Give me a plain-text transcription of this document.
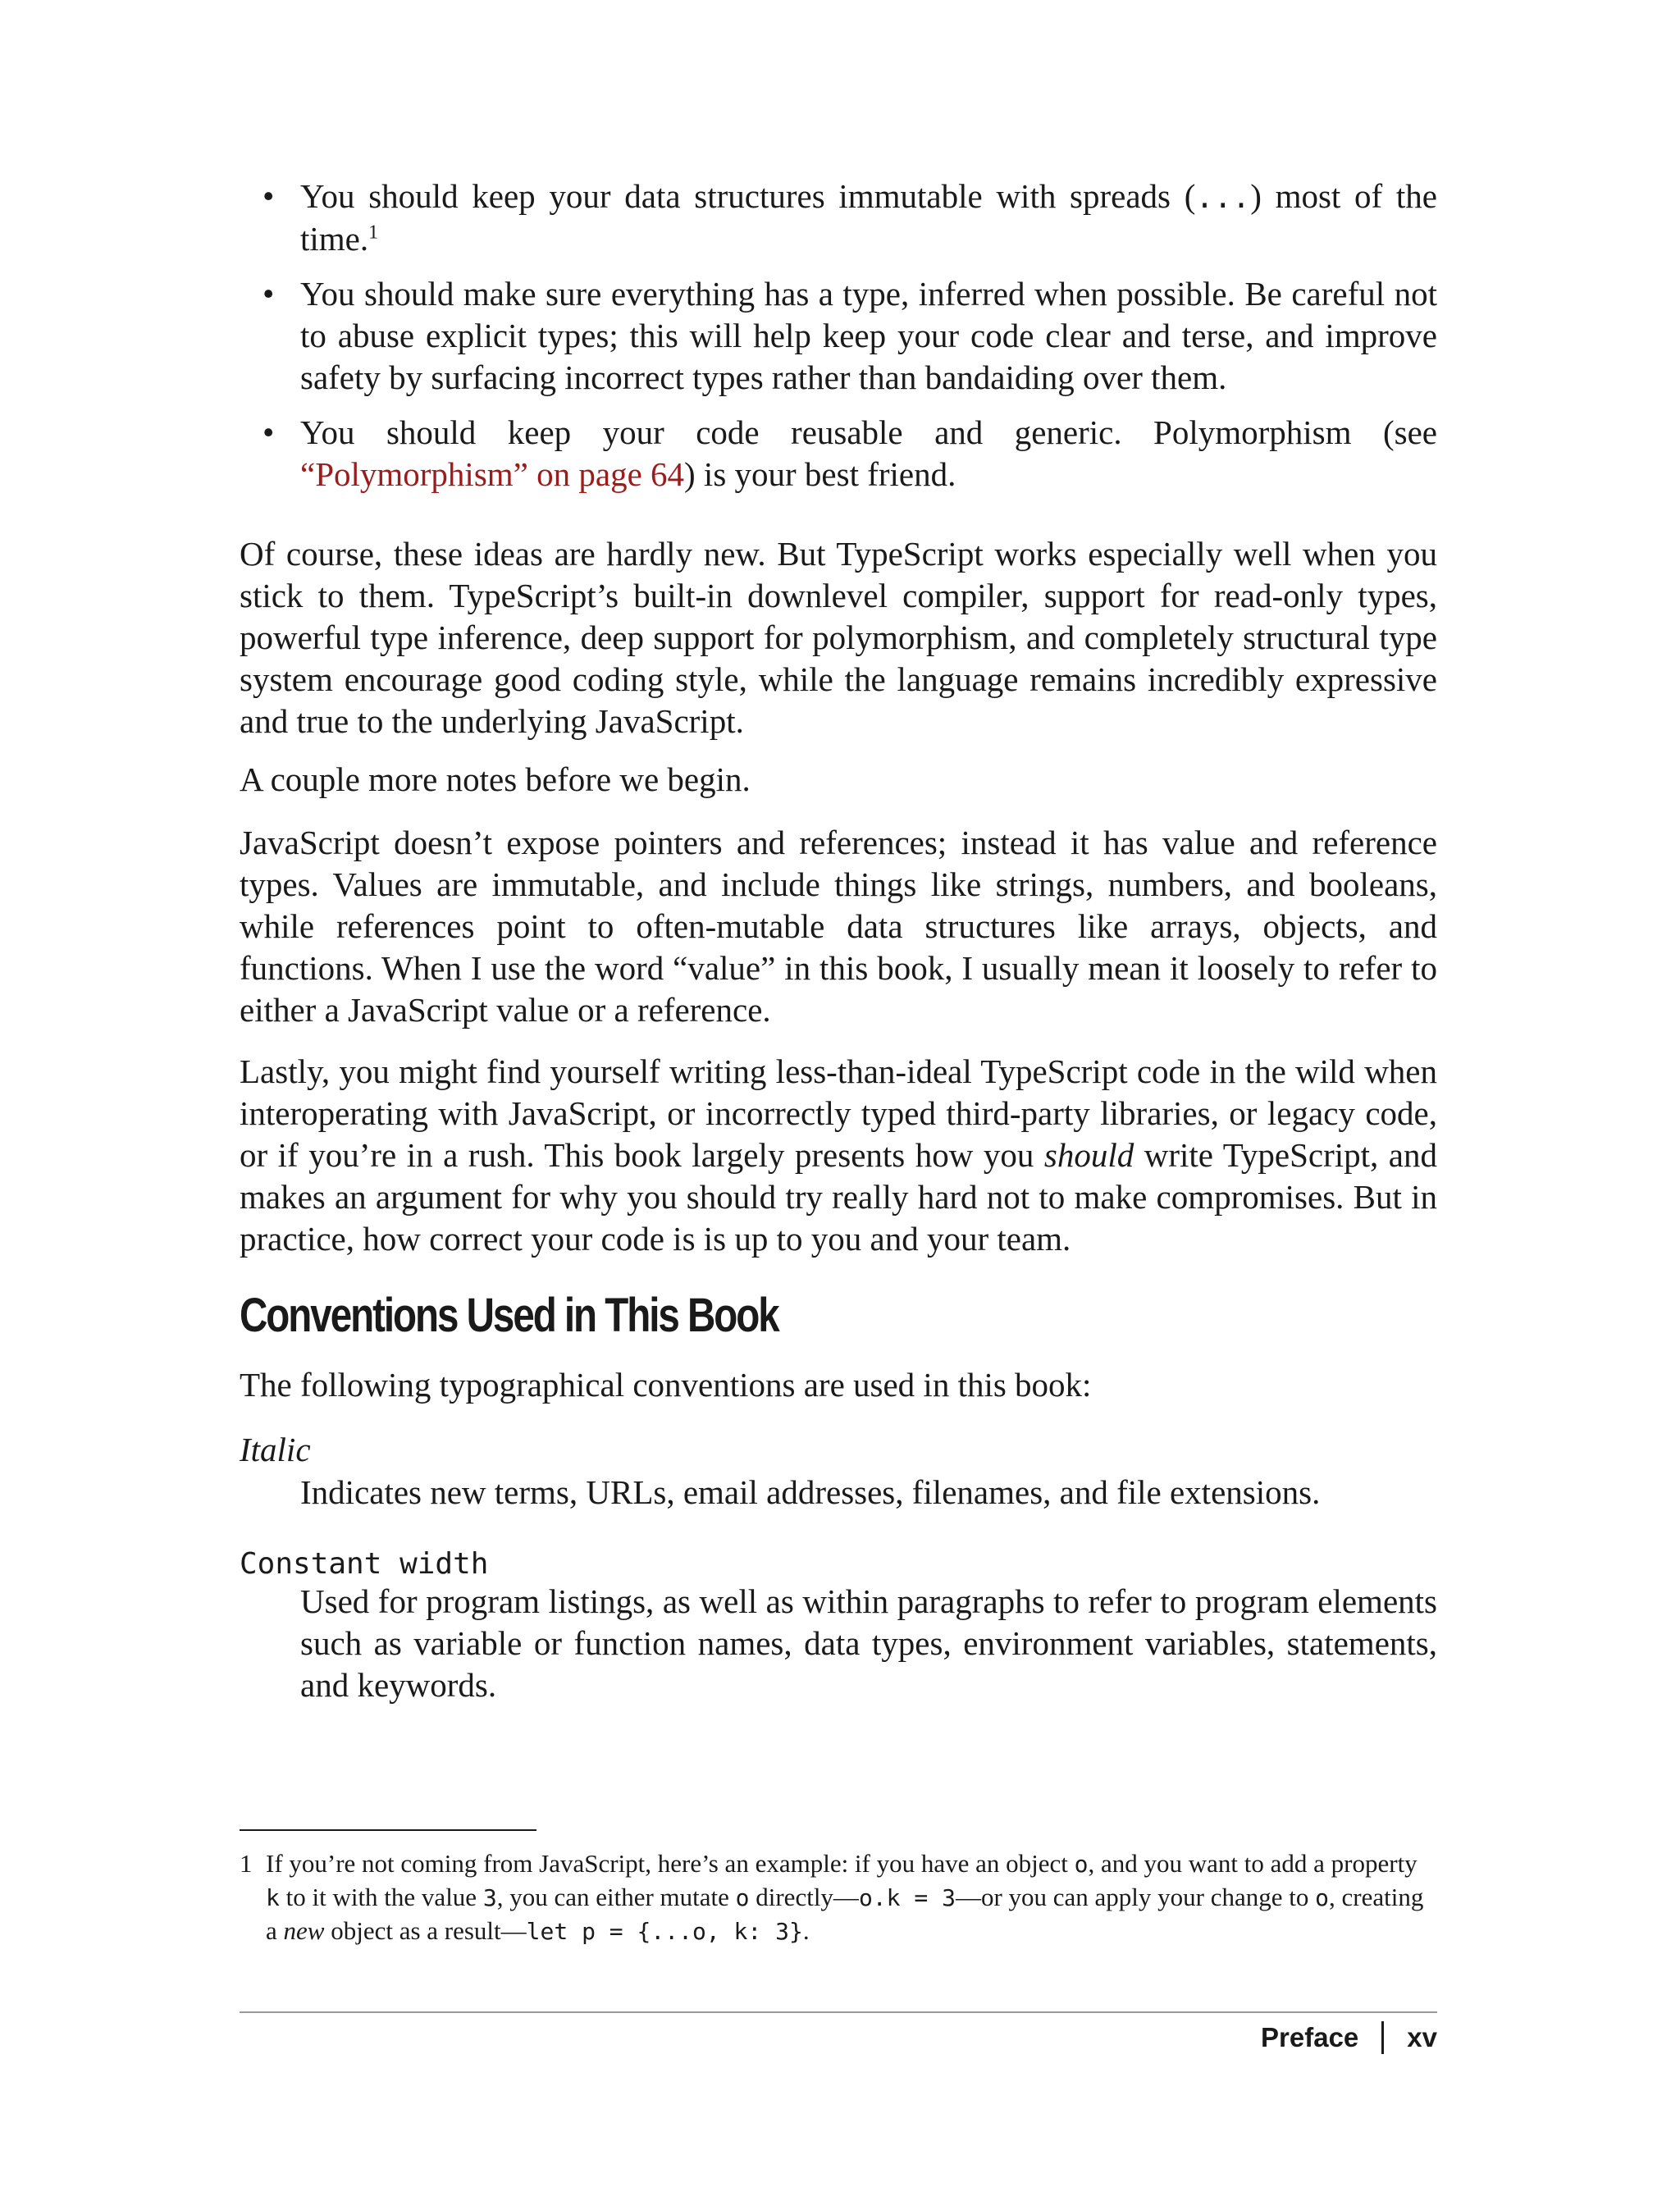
• You should keep your data structures immutable with spreads (...) most of the time.$^1$
• You should make sure everything has a type, inferred when possible. Be careful not to abuse explicit types; this will help keep your code clear and terse, and improve safety by surfacing incorrect types rather than bandaiding over them.
• You should keep your code reusable and generic. Polymorphism (see “Polymorphism” on page 64) is your best friend.

Of course, these ideas are hardly new. But TypeScript works especially well when you stick to them. TypeScript’s built-in downlevel compiler, support for read-only types, powerful type inference, deep support for polymorphism, and completely structural type system encourage good coding style, while the language remains incredibly expressive and true to the underlying JavaScript.

A couple more notes before we begin.

JavaScript doesn’t expose pointers and references; instead it has value and reference types. Values are immutable, and include things like strings, numbers, and booleans, while references point to often-mutable data structures like arrays, objects, and functions. When I use the word “value” in this book, I usually mean it loosely to refer to either a JavaScript value or a reference.

Lastly, you might find yourself writing less-than-ideal TypeScript code in the wild when interoperating with JavaScript, or incorrectly typed third-party libraries, or legacy code, or if you’re in a rush. This book largely presents how you should write TypeScript, and makes an argument for why you should try really hard not to make compromises. But in practice, how correct your code is is up to you and your team.

Conventions Used in This Book

The following typographical conventions are used in this book:

Italic

Indicates new terms, URLs, email addresses, filenames, and file extensions.

Constant width

Used for program listings, as well as within paragraphs to refer to program elements such as variable or function names, data types, environment variables, statements, and keywords.

1 If you’re not coming from JavaScript, here’s an example: if you have an object o, and you want to add a property k to it with the value 3, you can either mutate o directly—o.k = 3—or you can apply your change to o, creating a new object as a result—let p = {...o, k: 3}.

Preface xv
